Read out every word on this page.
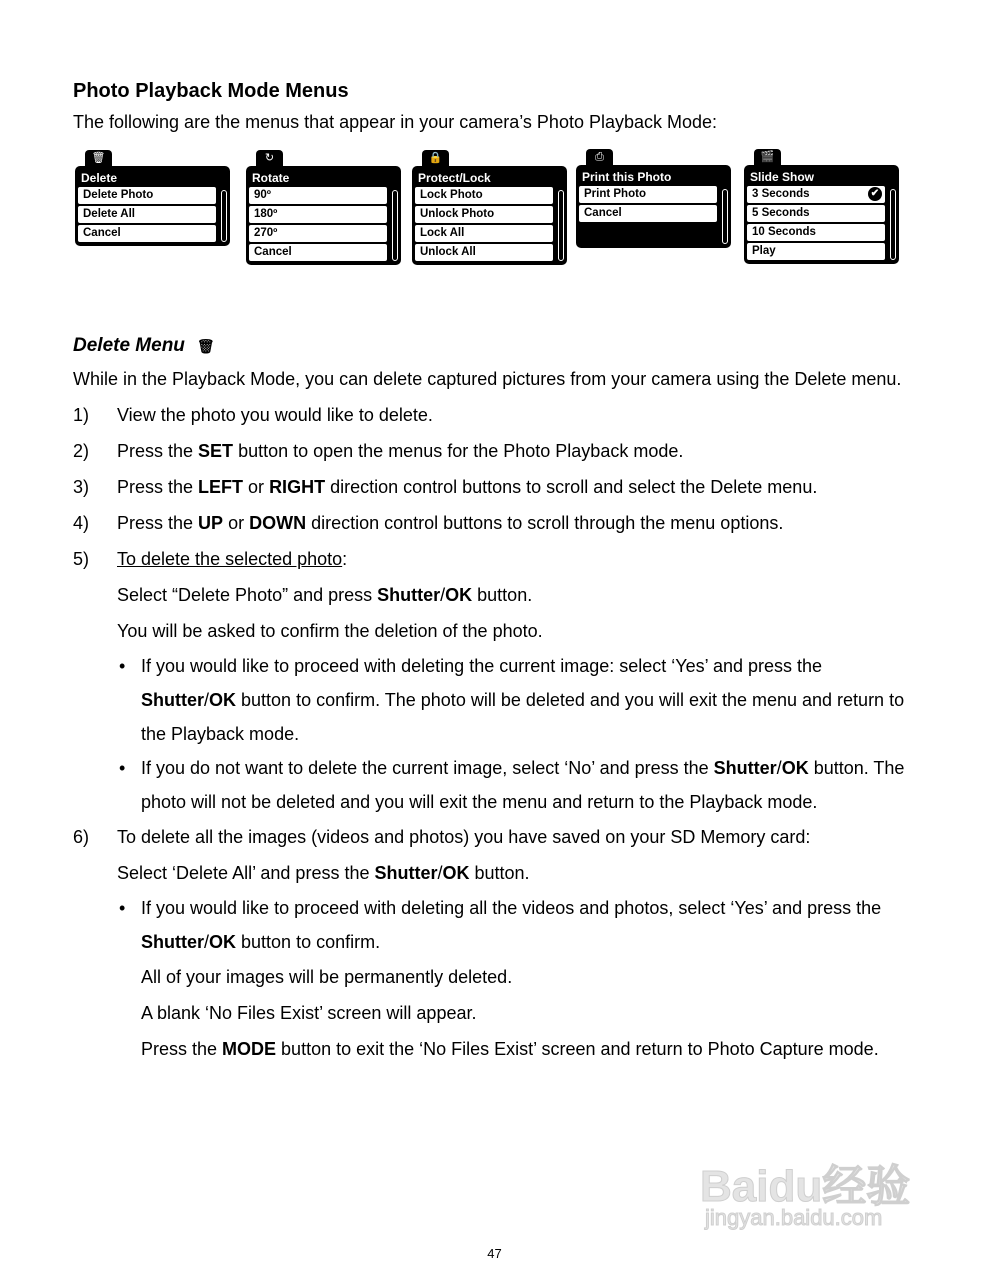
Photo Playback Mode Menus
The following are the menus that appear in your camera’s Photo Playback Mode:
🗑
Delete
Delete Photo
Delete All
Cancel
↻
Rotate
90º
180º
270º
Cancel
🔒
Protect/Lock
Lock Photo
Unlock Photo
Lock All
Unlock All
⎙
Print this Photo
Print Photo
Cancel
🎬
Slide Show
3 Seconds	✔
5 Seconds
10 Seconds
Play
Delete Menu 🗑
While in the Playback Mode, you can delete captured pictures from your camera using the Delete menu.
1) View the photo you would like to delete.
2) Press the SET button to open the menus for the Photo Playback mode.
3) Press the LEFT or RIGHT direction control buttons to scroll and select the Delete menu.
4) Press the UP or DOWN direction control buttons to scroll through the menu options.
5) To delete the selected photo:
Select “Delete Photo” and press Shutter/OK button.
You will be asked to confirm the deletion of the photo.
• If you would like to proceed with deleting the current image: select ‘Yes’ and press the Shutter/OK button to confirm. The photo will be deleted and you will exit the menu and return to the Playback mode.
• If you do not want to delete the current image, select ‘No’ and press the Shutter/OK button. The photo will not be deleted and you will exit the menu and return to the Playback mode.
6) To delete all the images (videos and photos) you have saved on your SD Memory card:
Select ‘Delete All’ and press the Shutter/OK button.
• If you would like to proceed with deleting all the videos and photos, select ‘Yes’ and press the Shutter/OK button to confirm.
All of your images will be permanently deleted.
A blank ‘No Files Exist’ screen will appear.
Press the MODE button to exit the ‘No Files Exist’ screen and return to Photo Capture mode.
47
Baidu经验
jingyan.baidu.com
